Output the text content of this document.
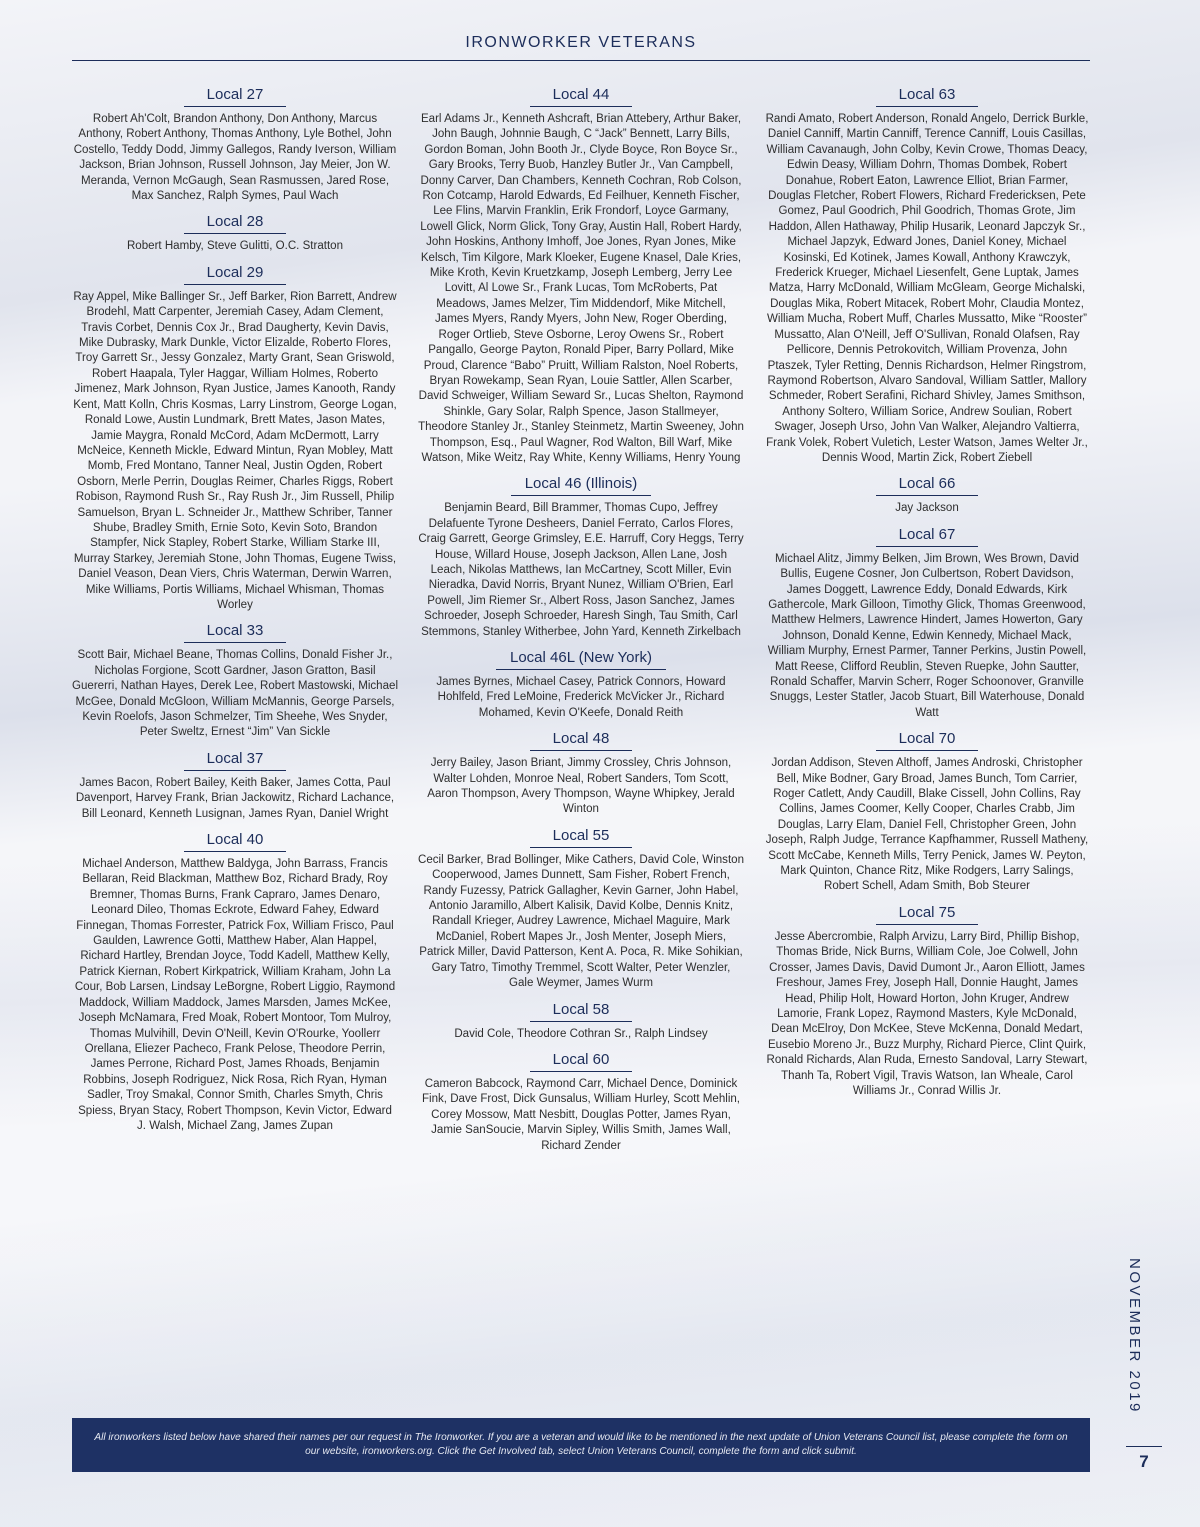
IRONWORKER VETERANS
Local 27

Robert Ah'Colt, Brandon Anthony, Don Anthony, Marcus Anthony, Robert Anthony, Thomas Anthony, Lyle Bothel, John Costello, Teddy Dodd, Jimmy Gallegos, Randy Iverson, William Jackson, Brian Johnson, Russell Johnson, Jay Meier, Jon W. Meranda, Vernon McGaugh, Sean Rasmussen, Jared Rose, Max Sanchez, Ralph Symes, Paul Wach

Local 28

Robert Hamby, Steve Gulitti, O.C. Stratton

Local 29

Ray Appel, Mike Ballinger Sr., Jeff Barker, Rion Barrett, Andrew Brodehl, Matt Carpenter, Jeremiah Casey, Adam Clement, Travis Corbet, Dennis Cox Jr., Brad Daugherty, Kevin Davis, Mike Dubrasky, Mark Dunkle, Victor Elizalde, Roberto Flores, Troy Garrett Sr., Jessy Gonzalez, Marty Grant, Sean Griswold, Robert Haapala, Tyler Haggar, William Holmes, Roberto Jimenez, Mark Johnson, Ryan Justice, James Kanooth, Randy Kent, Matt Kolln, Chris Kosmas, Larry Linstrom, George Logan, Ronald Lowe, Austin Lundmark, Brett Mates, Jason Mates, Jamie Maygra, Ronald McCord, Adam McDermott, Larry McNeice, Kenneth Mickle, Edward Mintun, Ryan Mobley, Matt Momb, Fred Montano, Tanner Neal, Justin Ogden, Robert Osborn, Merle Perrin, Douglas Reimer, Charles Riggs, Robert Robison, Raymond Rush Sr., Ray Rush Jr., Jim Russell, Philip Samuelson, Bryan L. Schneider Jr., Matthew Schriber, Tanner Shube, Bradley Smith, Ernie Soto, Kevin Soto, Brandon Stampfer, Nick Stapley, Robert Starke, William Starke III, Murray Starkey, Jeremiah Stone, John Thomas, Eugene Twiss, Daniel Veason, Dean Viers, Chris Waterman, Derwin Warren, Mike Williams, Portis Williams, Michael Whisman, Thomas Worley

Local 33

Scott Bair, Michael Beane, Thomas Collins, Donald Fisher Jr., Nicholas Forgione, Scott Gardner, Jason Gratton, Basil Guererri, Nathan Hayes, Derek Lee, Robert Mastowski, Michael McGee, Donald McGloon, William McMannis, George Parsels, Kevin Roelofs, Jason Schmelzer, Tim Sheehe, Wes Snyder, Peter Sweltz, Ernest “Jim” Van Sickle

Local 37

James Bacon, Robert Bailey, Keith Baker, James Cotta, Paul Davenport, Harvey Frank, Brian Jackowitz, Richard Lachance, Bill Leonard, Kenneth Lusignan, James Ryan, Daniel Wright

Local 40

Michael Anderson, Matthew Baldyga, John Barrass, Francis Bellaran, Reid Blackman, Matthew Boz, Richard Brady, Roy Bremner, Thomas Burns, Frank Capraro, James Denaro, Leonard Dileo, Thomas Eckrote, Edward Fahey, Edward Finnegan, Thomas Forrester, Patrick Fox, William Frisco, Paul Gaulden, Lawrence Gotti, Matthew Haber, Alan Happel, Richard Hartley, Brendan Joyce, Todd Kadell, Matthew Kelly, Patrick Kiernan, Robert Kirkpatrick, William Kraham, John La Cour, Bob Larsen, Lindsay LeBorgne, Robert Liggio, Raymond Maddock, William Maddock, James Marsden, James McKee, Joseph McNamara, Fred Moak, Robert Montoor, Tom Mulroy, Thomas Mulvihill, Devin O'Neill, Kevin O'Rourke, Yoollerr Orellana, Eliezer Pacheco, Frank Pelose, Theodore Perrin, James Perrone, Richard Post, James Rhoads, Benjamin Robbins, Joseph Rodriguez, Nick Rosa, Rich Ryan, Hyman Sadler, Troy Smakal, Connor Smith, Charles Smyth, Chris Spiess, Bryan Stacy, Robert Thompson, Kevin Victor, Edward J. Walsh, Michael Zang, James Zupan

Local 44

Earl Adams Jr., Kenneth Ashcraft, Brian Attebery, Arthur Baker, John Baugh, Johnnie Baugh, C “Jack” Bennett, Larry Bills, Gordon Boman, John Booth Jr., Clyde Boyce, Ron Boyce Sr., Gary Brooks, Terry Buob, Hanzley Butler Jr., Van Campbell, Donny Carver, Dan Chambers, Kenneth Cochran, Rob Colson, Ron Cotcamp, Harold Edwards, Ed Feilhuer, Kenneth Fischer, Lee Flins, Marvin Franklin, Erik Frondorf, Loyce Garmany, Lowell Glick, Norm Glick, Tony Gray, Austin Hall, Robert Hardy, John Hoskins, Anthony Imhoff, Joe Jones, Ryan Jones, Mike Kelsch, Tim Kilgore, Mark Kloeker, Eugene Knasel, Dale Kries, Mike Kroth, Kevin Kruetzkamp, Joseph Lemberg, Jerry Lee Lovitt, Al Lowe Sr., Frank Lucas, Tom McRoberts, Pat Meadows, James Melzer, Tim Middendorf, Mike Mitchell, James Myers, Randy Myers, John New, Roger Oberding, Roger Ortlieb, Steve Osborne, Leroy Owens Sr., Robert Pangallo, George Payton, Ronald Piper, Barry Pollard, Mike Proud, Clarence “Babo” Pruitt, William Ralston, Noel Roberts, Bryan Rowekamp, Sean Ryan, Louie Sattler, Allen Scarber, David Schweiger, William Seward Sr., Lucas Shelton, Raymond Shinkle, Gary Solar, Ralph Spence, Jason Stallmeyer, Theodore Stanley Jr., Stanley Steinmetz, Martin Sweeney, John Thompson, Esq., Paul Wagner, Rod Walton, Bill Warf, Mike Watson, Mike Weitz, Ray White, Kenny Williams, Henry Young

Local 46 (Illinois)

Benjamin Beard, Bill Brammer, Thomas Cupo, Jeffrey Delafuente Tyrone Desheers, Daniel Ferrato, Carlos Flores, Craig Garrett, George Grimsley, E.E. Harruff, Cory Heggs, Terry House, Willard House, Joseph Jackson, Allen Lane, Josh Leach, Nikolas Matthews, Ian McCartney, Scott Miller, Evin Nieradka, David Norris, Bryant Nunez, William O'Brien, Earl Powell, Jim Riemer Sr., Albert Ross, Jason Sanchez, James Schroeder, Joseph Schroeder, Haresh Singh, Tau Smith, Carl Stemmons, Stanley Witherbee, John Yard, Kenneth Zirkelbach

Local 46L (New York)

James Byrnes, Michael Casey, Patrick Connors, Howard Hohlfeld, Fred LeMoine, Frederick McVicker Jr., Richard Mohamed, Kevin O'Keefe, Donald Reith

Local 48

Jerry Bailey, Jason Briant, Jimmy Crossley, Chris Johnson, Walter Lohden, Monroe Neal, Robert Sanders, Tom Scott, Aaron Thompson, Avery Thompson, Wayne Whipkey, Jerald Winton

Local 55

Cecil Barker, Brad Bollinger, Mike Cathers, David Cole, Winston Cooperwood, James Dunnett, Sam Fisher, Robert French, Randy Fuzessy, Patrick Gallagher, Kevin Garner, John Habel, Antonio Jaramillo, Albert Kalisik, David Kolbe, Dennis Knitz, Randall Krieger, Audrey Lawrence, Michael Maguire, Mark McDaniel, Robert Mapes Jr., Josh Menter, Joseph Miers, Patrick Miller, David Patterson, Kent A. Poca, R. Mike Sohikian, Gary Tatro, Timothy Tremmel, Scott Walter, Peter Wenzler, Gale Weymer, James Wurm

Local 58

David Cole, Theodore Cothran Sr., Ralph Lindsey

Local 60

Cameron Babcock, Raymond Carr, Michael Dence, Dominick Fink, Dave Frost, Dick Gunsalus, William Hurley, Scott Mehlin, Corey Mossow, Matt Nesbitt, Douglas Potter, James Ryan, Jamie SanSoucie, Marvin Sipley, Willis Smith, James Wall, Richard Zender

Local 63

Randi Amato, Robert Anderson, Ronald Angelo, Derrick Burkle, Daniel Canniff, Martin Canniff, Terence Canniff, Louis Casillas, William Cavanaugh, John Colby, Kevin Crowe, Thomas Deacy, Edwin Deasy, William Dohrn, Thomas Dombek, Robert Donahue, Robert Eaton, Lawrence Elliot, Brian Farmer, Douglas Fletcher, Robert Flowers, Richard Fredericksen, Pete Gomez, Paul Goodrich, Phil Goodrich, Thomas Grote, Jim Haddon, Allen Hathaway, Philip Husarik, Leonard Japczyk Sr., Michael Japzyk, Edward Jones, Daniel Koney, Michael Kosinski, Ed Kotinek, James Kowall, Anthony Krawczyk, Frederick Krueger, Michael Liesenfelt, Gene Luptak, James Matza, Harry McDonald, William McGleam, George Michalski, Douglas Mika, Robert Mitacek, Robert Mohr, Claudia Montez, William Mucha, Robert Muff, Charles Mussatto, Mike “Rooster” Mussatto, Alan O'Neill, Jeff O'Sullivan, Ronald Olafsen, Ray Pellicore, Dennis Petrokovitch, William Provenza, John Ptaszek, Tyler Retting, Dennis Richardson, Helmer Ringstrom, Raymond Robertson, Alvaro Sandoval, William Sattler, Mallory Schmeder, Robert Serafini, Richard Shivley, James Smithson, Anthony Soltero, William Sorice, Andrew Soulian, Robert Swager, Joseph Urso, John Van Walker, Alejandro Valtierra, Frank Volek, Robert Vuletich, Lester Watson, James Welter Jr., Dennis Wood, Martin Zick, Robert Ziebell

Local 66

Jay Jackson

Local 67

Michael Alitz, Jimmy Belken, Jim Brown, Wes Brown, David Bullis, Eugene Cosner, Jon Culbertson, Robert Davidson, James Doggett, Lawrence Eddy, Donald Edwards, Kirk Gathercole, Mark Gilloon, Timothy Glick, Thomas Greenwood, Matthew Helmers, Lawrence Hindert, James Howerton, Gary Johnson, Donald Kenne, Edwin Kennedy, Michael Mack, William Murphy, Ernest Parmer, Tanner Perkins, Justin Powell, Matt Reese, Clifford Reublin, Steven Ruepke, John Sautter, Ronald Schaffer, Marvin Scherr, Roger Schoonover, Granville Snuggs, Lester Statler, Jacob Stuart, Bill Waterhouse, Donald Watt

Local 70

Jordan Addison, Steven Althoff, James Androski, Christopher Bell, Mike Bodner, Gary Broad, James Bunch, Tom Carrier, Roger Catlett, Andy Caudill, Blake Cissell, John Collins, Ray Collins, James Coomer, Kelly Cooper, Charles Crabb, Jim Douglas, Larry Elam, Daniel Fell, Christopher Green, John Joseph, Ralph Judge, Terrance Kapfhammer, Russell Matheny, Scott McCabe, Kenneth Mills, Terry Penick, James W. Peyton, Mark Quinton, Chance Ritz, Mike Rodgers, Larry Salings, Robert Schell, Adam Smith, Bob Steurer

Local 75

Jesse Abercrombie, Ralph Arvizu, Larry Bird, Phillip Bishop, Thomas Bride, Nick Burns, William Cole, Joe Colwell, John Crosser, James Davis, David Dumont Jr., Aaron Elliott, James Freshour, James Frey, Joseph Hall, Donnie Haught, James Head, Philip Holt, Howard Horton, John Kruger, Andrew Lamorie, Frank Lopez, Raymond Masters, Kyle McDonald, Dean McElroy, Don McKee, Steve McKenna, Donald Medart, Eusebio Moreno Jr., Buzz Murphy, Richard Pierce, Clint Quirk, Ronald Richards, Alan Ruda, Ernesto Sandoval, Larry Stewart, Thanh Ta, Robert Vigil, Travis Watson, Ian Wheale, Carol Williams Jr., Conrad Willis Jr.

All ironworkers listed below have shared their names per our request in The Ironworker. If you are a veteran and would like to be mentioned in the next update of Union Veterans Council list, please complete the form on our website, ironworkers.org. Click the Get Involved tab, select Union Veterans Council, complete the form and click submit.

NOVEMBER 2019

7
